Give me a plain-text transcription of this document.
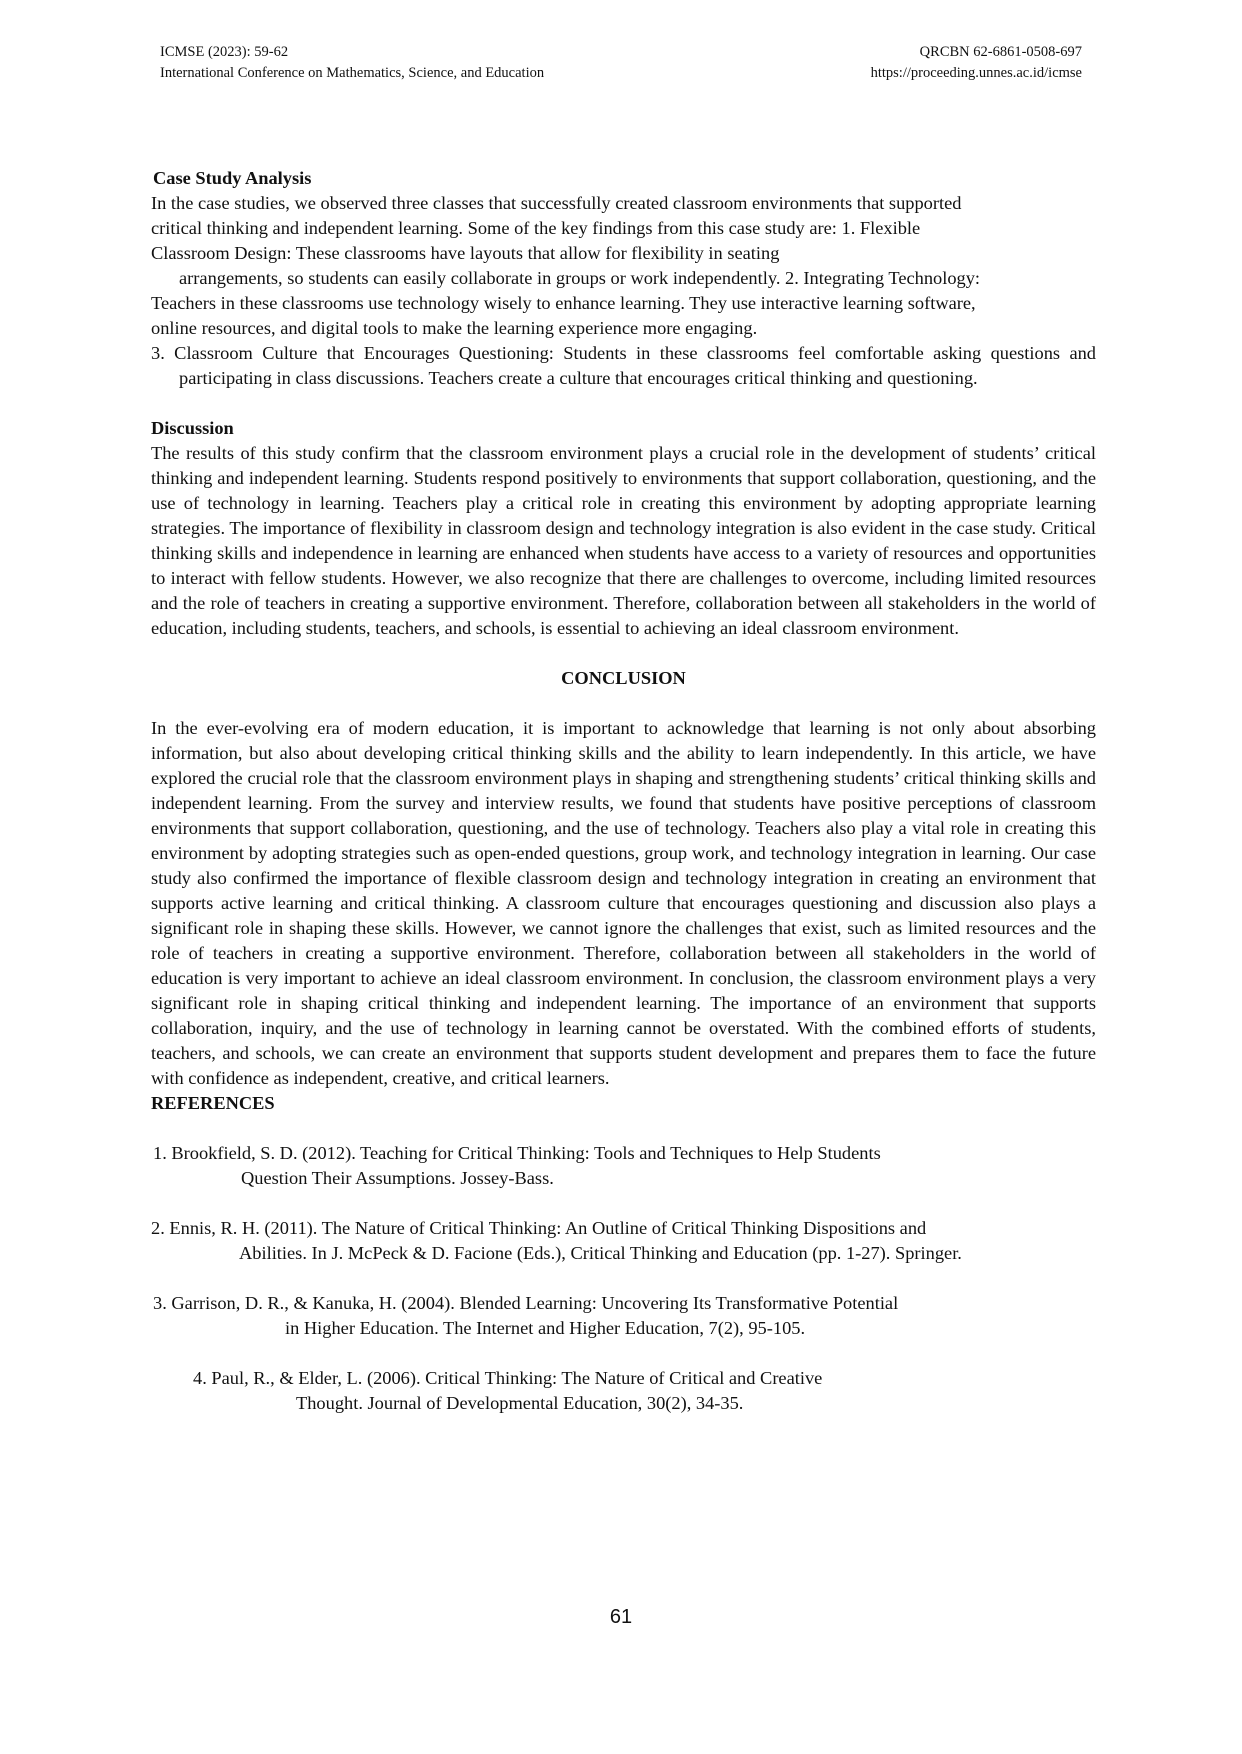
ICMSE (2023): 59-62
International Conference on Mathematics, Science, and Education
QRCBN 62-6861-0508-697
https://proceeding.unnes.ac.id/icmse

Case Study Analysis

In the case studies, we observed three classes that successfully created classroom environments that supported

critical thinking and independent learning. Some of the key findings from this case study are: 1. Flexible

Classroom Design: These classrooms have layouts that allow for flexibility in seating

arrangements, so students can easily collaborate in groups or work independently. 2. Integrating Technology:

Teachers in these classrooms use technology wisely to enhance learning. They use interactive learning software,

online resources, and digital tools to make the learning experience more engaging.

3. Classroom Culture that Encourages Questioning: Students in these classrooms feel comfortable asking questions and participating in class discussions. Teachers create a culture that encourages critical thinking and questioning.

Discussion

The results of this study confirm that the classroom environment plays a crucial role in the development of students’ critical thinking and independent learning. Students respond positively to environments that support collaboration, questioning, and the use of technology in learning. Teachers play a critical role in creating this environment by adopting appropriate learning strategies. The importance of flexibility in classroom design and technology integration is also evident in the case study. Critical thinking skills and independence in learning are enhanced when students have access to a variety of resources and opportunities to interact with fellow students. However, we also recognize that there are challenges to overcome, including limited resources and the role of teachers in creating a supportive environment. Therefore, collaboration between all stakeholders in the world of education, including students, teachers, and schools, is essential to achieving an ideal classroom environment.

CONCLUSION

In the ever-evolving era of modern education, it is important to acknowledge that learning is not only about absorbing information, but also about developing critical thinking skills and the ability to learn independently. In this article, we have explored the crucial role that the classroom environment plays in shaping and strengthening students’ critical thinking skills and independent learning. From the survey and interview results, we found that students have positive perceptions of classroom environments that support collaboration, questioning, and the use of technology. Teachers also play a vital role in creating this environment by adopting strategies such as open-ended questions, group work, and technology integration in learning. Our case study also confirmed the importance of flexible classroom design and technology integration in creating an environment that supports active learning and critical thinking. A classroom culture that encourages questioning and discussion also plays a significant role in shaping these skills. However, we cannot ignore the challenges that exist, such as limited resources and the role of teachers in creating a supportive environment. Therefore, collaboration between all stakeholders in the world of education is very important to achieve an ideal classroom environment. In conclusion, the classroom environment plays a very significant role in shaping critical thinking and independent learning. The importance of an environment that supports collaboration, inquiry, and the use of technology in learning cannot be overstated. With the combined efforts of students, teachers, and schools, we can create an environment that supports student development and prepares them to face the future with confidence as independent, creative, and critical learners.

REFERENCES

1. Brookfield, S. D. (2012). Teaching for Critical Thinking: Tools and Techniques to Help Students
Question Their Assumptions. Jossey-Bass.

2. Ennis, R. H. (2011). The Nature of Critical Thinking: An Outline of Critical Thinking Dispositions and
Abilities. In J. McPeck & D. Facione (Eds.), Critical Thinking and Education (pp. 1-27). Springer.

3. Garrison, D. R., & Kanuka, H. (2004). Blended Learning: Uncovering Its Transformative Potential
in Higher Education. The Internet and Higher Education, 7(2), 95-105.

4. Paul, R., & Elder, L. (2006). Critical Thinking: The Nature of Critical and Creative
Thought. Journal of Developmental Education, 30(2), 34-35.

61
